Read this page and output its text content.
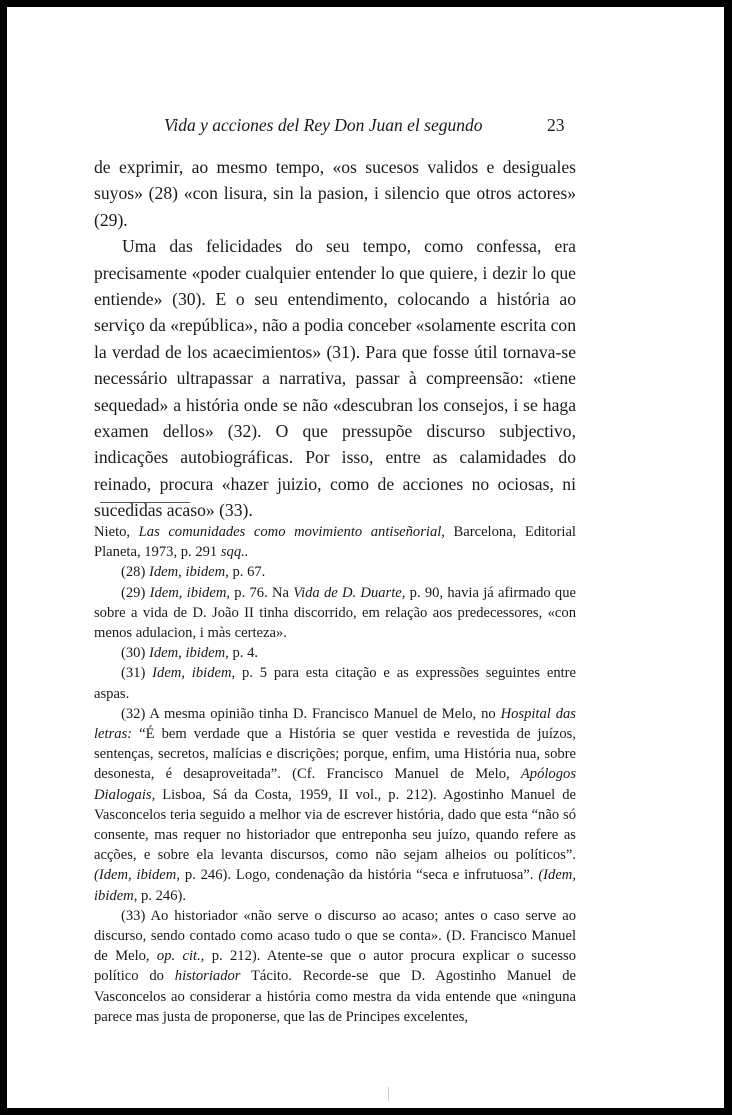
Vida y acciones del Rey Don Juan el segundo	23

de exprimir, ao mesmo tempo, «os sucesos validos e desiguales suyos» (28) «con lisura, sin la pasion, i silencio que otros actores» (29).

Uma das felicidades do seu tempo, como confessa, era precisamente «poder cualquier entender lo que quiere, i dezir lo que entiende» (30). E o seu entendimento, colocando a história ao serviço da «república», não a podia conceber «solamente escrita con la verdad de los acaecimientos» (31). Para que fosse útil tornava-se necessário ultrapassar a narrativa, passar à compreensão: «tiene sequedad» a história onde se não «descubran los consejos, i se haga examen dellos» (32). O que pressupõe discurso subjectivo, indicações autobiográficas. Por isso, entre as calamidades do reinado, procura «hazer juizio, como de acciones no ociosas, ni sucedidas acaso» (33).

Nieto, Las comunidades como movimiento antiseñorial, Barcelona, Editorial Planeta, 1973, p. 291 sqq..

(28) Idem, ibidem, p. 67.

(29) Idem, ibidem, p. 76. Na Vida de D. Duarte, p. 90, havia já afirmado que sobre a vida de D. João II tinha discorrido, em relação aos predecessores, «con menos adulacion, i màs certeza».

(30) Idem, ibidem, p. 4.

(31) Idem, ibidem, p. 5 para esta citação e as expressões seguintes entre aspas.

(32) A mesma opinião tinha D. Francisco Manuel de Melo, no Hospital das letras: “É bem verdade que a História se quer vestida e revestida de juízos, sentenças, secretos, malícias e discrições; porque, enfim, uma História nua, sobre desonesta, é desaproveitada”. (Cf. Francisco Manuel de Melo, Apólogos Dialogais, Lisboa, Sá da Costa, 1959, II vol., p. 212). Agostinho Manuel de Vasconcelos teria seguido a melhor via de escrever história, dado que esta “não só consente, mas requer no historiador que entreponha seu juízo, quando refere as acções, e sobre ela levanta discursos, como não sejam alheios ou políticos”. (Idem, ibidem, p. 246). Logo, condenação da história “seca e infrutuosa”. (Idem, ibidem, p. 246).

(33) Ao historiador «não serve o discurso ao acaso; antes o caso serve ao discurso, sendo contado como acaso tudo o que se conta». (D. Francisco Manuel de Melo, op. cit., p. 212). Atente-se que o autor procura explicar o sucesso político do historiador Tácito. Recorde-se que D. Agostinho Manuel de Vasconcelos ao considerar a história como mestra da vida entende que «ninguna parece mas justa de proponerse, que las de Principes excelentes,
